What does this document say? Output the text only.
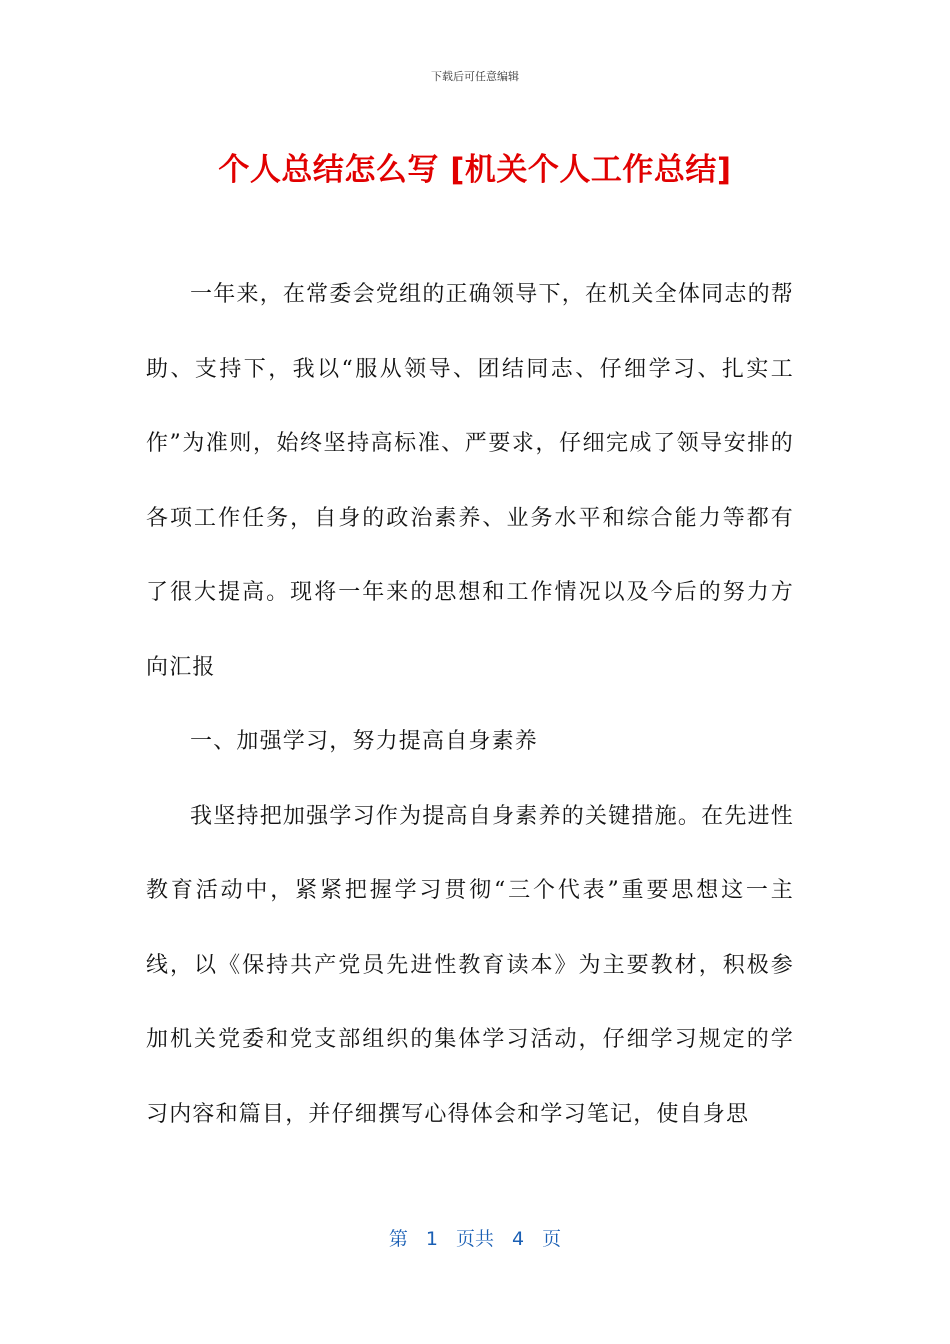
下载后可任意编辑
个人总结怎么写 [机关个人工作总结]

一年来，在常委会党组的正确领导下，在机关全体同志的帮助、支持下，我以“服从领导、团结同志、仔细学习、扎实工作”为准则，始终坚持高标准、严要求，仔细完成了领导安排的各项工作任务，自身的政治素养、业务水平和综合能力等都有了很大提高。现将一年来的思想和工作情况以及今后的努力方向汇报

一、加强学习，努力提高自身素养

我坚持把加强学习作为提高自身素养的关键措施。在先进性教育活动中，紧紧把握学习贯彻“三个代表”重要思想这一主线，以《保持共产党员先进性教育读本》为主要教材，积极参加机关党委和党支部组织的集体学习活动，仔细学习规定的学习内容和篇目，并仔细撰写心得体会和学习笔记，使自身思

第 1 页共 4 页
